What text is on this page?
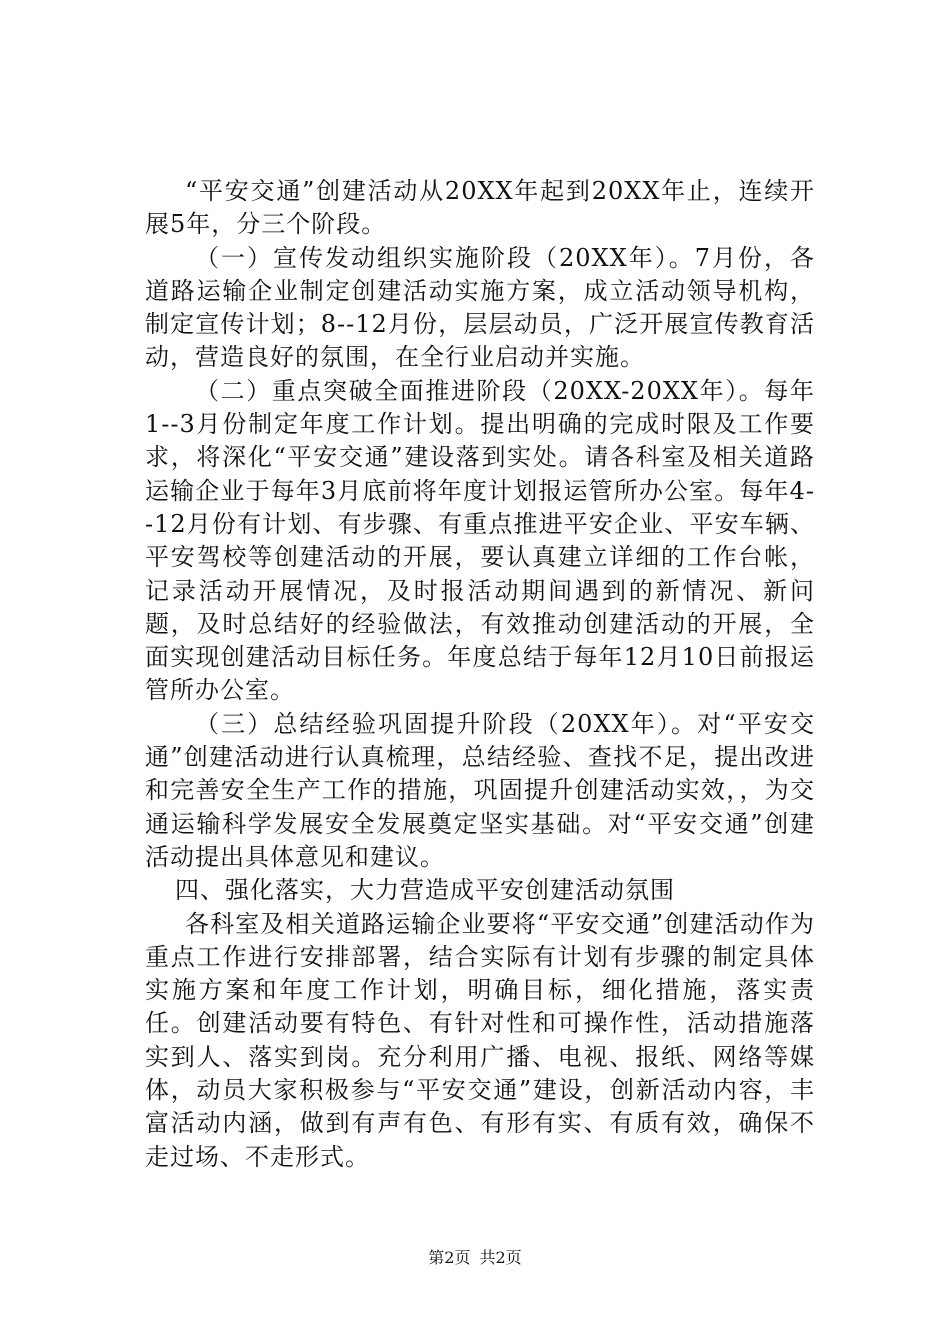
“平安交通”创建活动从20XX年起到20XX年止，连续开展5年，分三个阶段。

（一）宣传发动组织实施阶段（20XX年）。7月份，各道路运输企业制定创建活动实施方案，成立活动领导机构，制定宣传计划；8--12月份，层层动员，广泛开展宣传教育活动，营造良好的氛围，在全行业启动并实施。

（二）重点突破全面推进阶段（20XX-20XX年）。每年1--3月份制定年度工作计划。提出明确的完成时限及工作要求，将深化“平安交通”建设落到实处。请各科室及相关道路运输企业于每年3月底前将年度计划报运管所办公室。每年4--12月份有计划、有步骤、有重点推进平安企业、平安车辆、平安驾校等创建活动的开展，要认真建立详细的工作台帐，记录活动开展情况，及时报活动期间遇到的新情况、新问题，及时总结好的经验做法，有效推动创建活动的开展，全面实现创建活动目标任务。年度总结于每年12月10日前报运管所办公室。

（三）总结经验巩固提升阶段（20XX年）。对“平安交通”创建活动进行认真梳理，总结经验、查找不足，提出改进和完善安全生产工作的措施，巩固提升创建活动实效，，为交通运输科学发展安全发展奠定坚实基础。对“平安交通”创建活动提出具体意见和建议。

四、强化落实，大力营造成平安创建活动氛围

各科室及相关道路运输企业要将“平安交通”创建活动作为重点工作进行安排部署，结合实际有计划有步骤的制定具体实施方案和年度工作计划，明确目标，细化措施，落实责任。创建活动要有特色、有针对性和可操作性，活动措施落实到人、落实到岗。充分利用广播、电视、报纸、网络等媒体，动员大家积极参与“平安交通”建设，创新活动内容，丰富活动内涵，做到有声有色、有形有实、有质有效，确保不走过场、不走形式。

第2页 共2页
